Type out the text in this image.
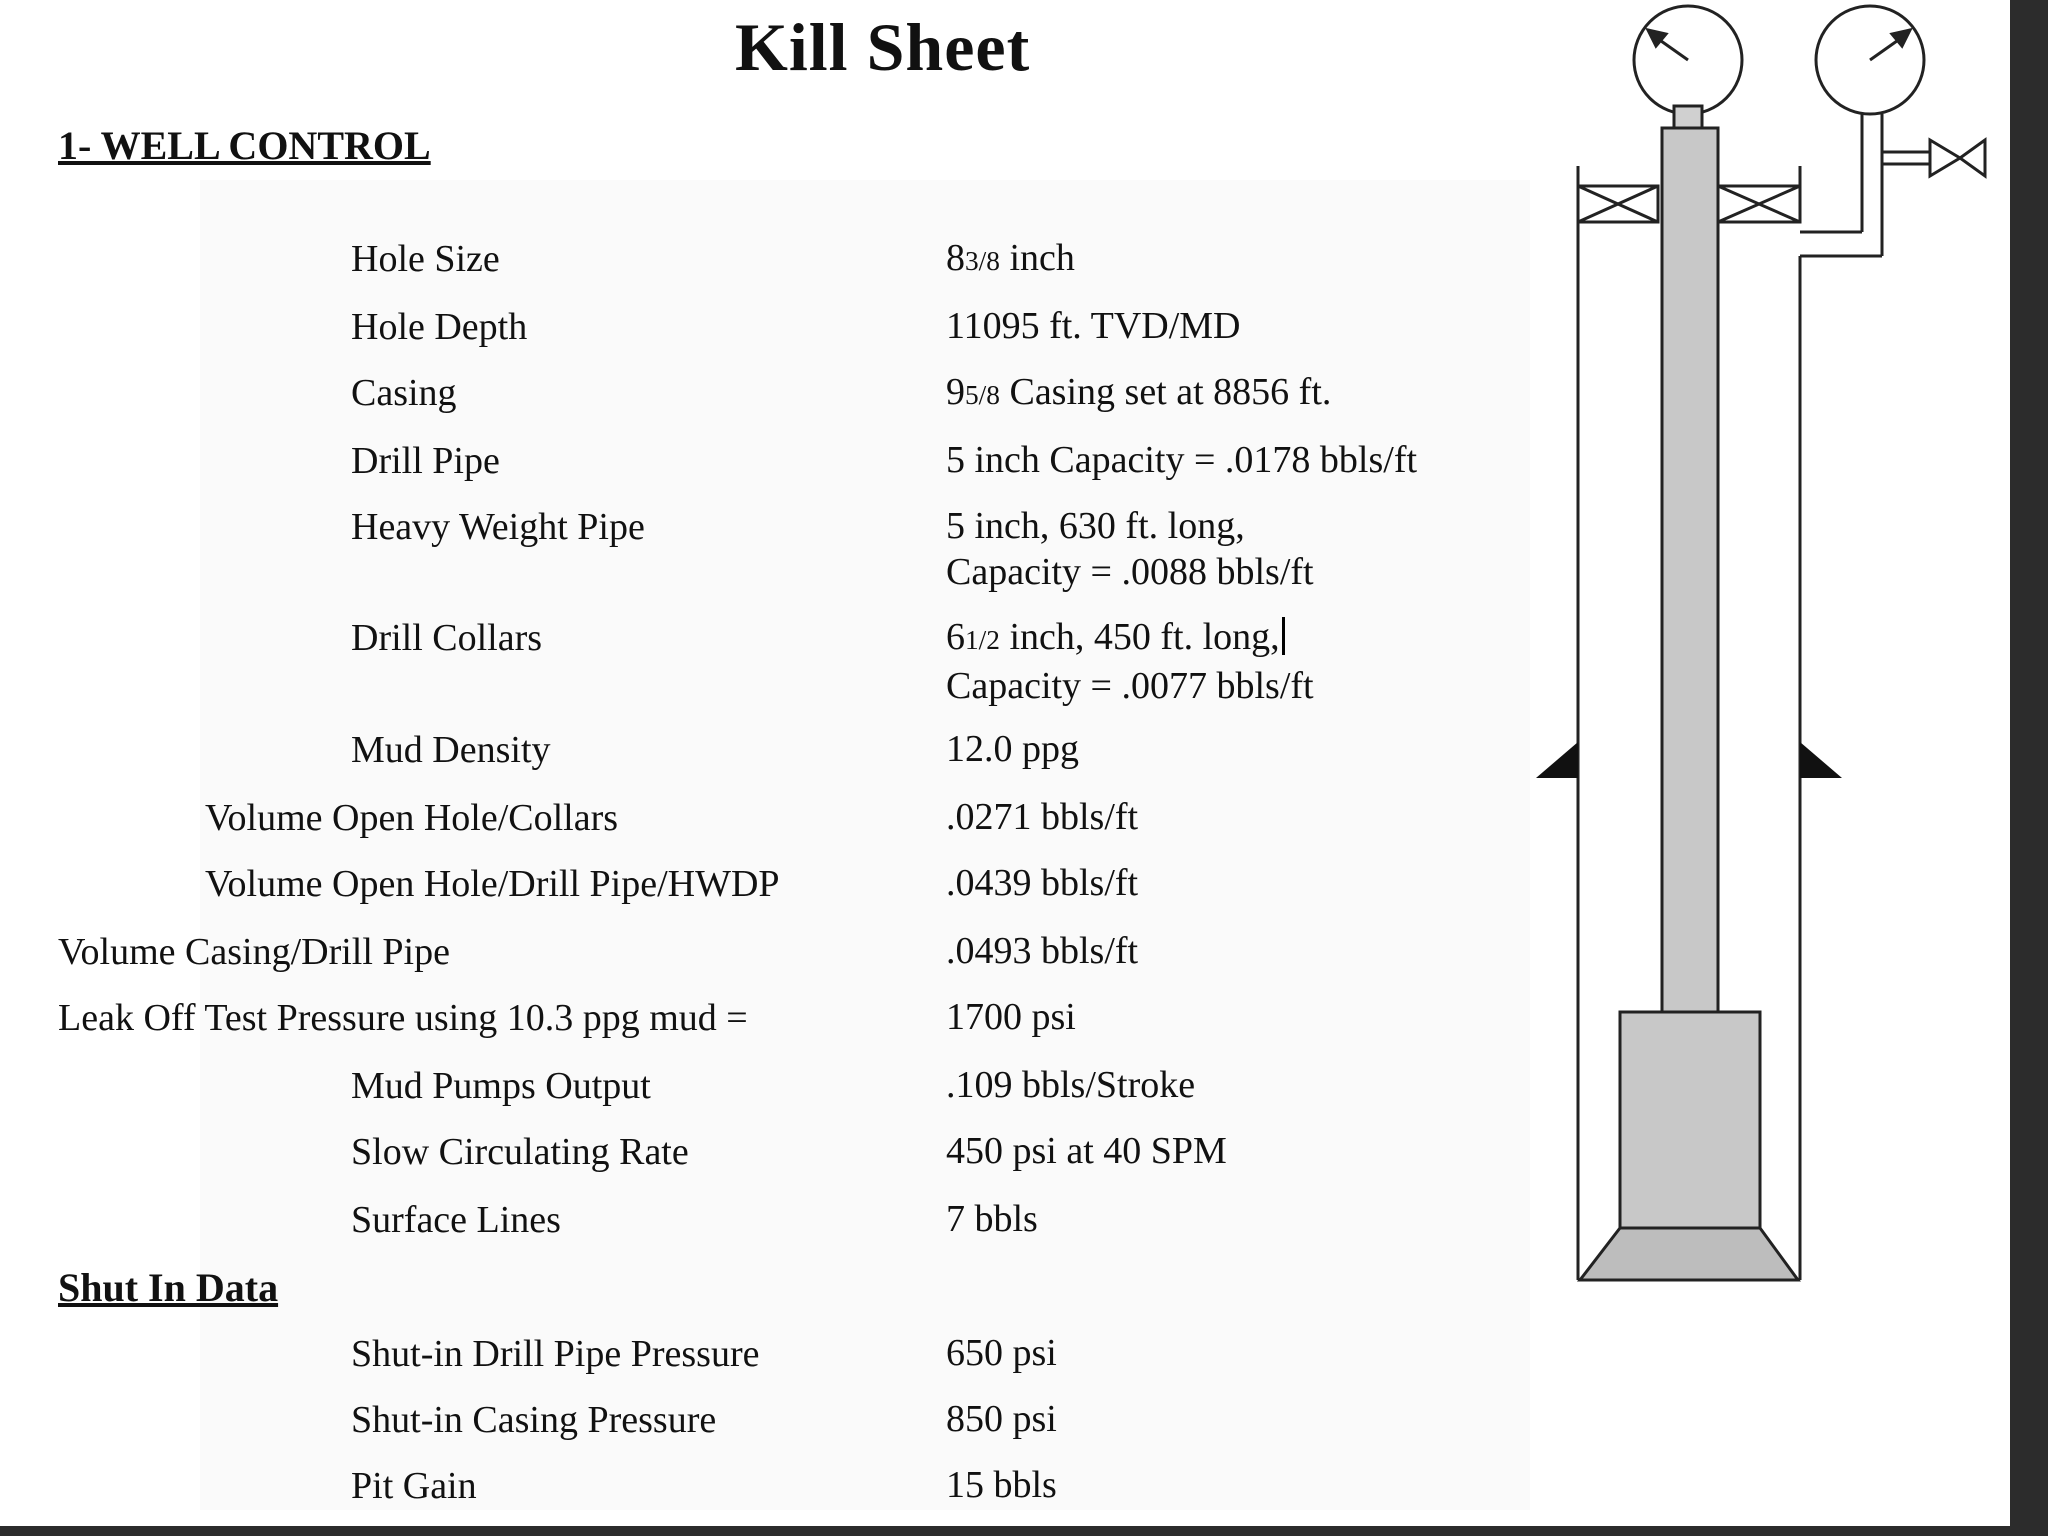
Kill Sheet
1- WELL CONTROL
Hole Size	83/8 inch
Hole Depth	11095 ft. TVD/MD
Casing	95/8 Casing set at 8856 ft.
Drill Pipe	5 inch Capacity = .0178 bbls/ft
Heavy Weight Pipe	5 inch, 630 ft. long,
Capacity = .0088 bbls/ft
Drill Collars	61/2 inch, 450 ft. long,
Capacity = .0077 bbls/ft
Mud Density	12.0 ppg
Volume Open Hole/Collars	.0271 bbls/ft
Volume Open Hole/Drill Pipe/HWDP	.0439 bbls/ft
Volume Casing/Drill Pipe	.0493 bbls/ft
Leak Off Test Pressure using 10.3 ppg mud =	1700 psi
Mud Pumps Output	.109 bbls/Stroke
Slow Circulating Rate	450 psi at 40 SPM
Surface Lines	7 bbls
Shut In Data
Shut-in Drill Pipe Pressure	650 psi
Shut-in Casing Pressure	850 psi
Pit Gain	15 bbls
